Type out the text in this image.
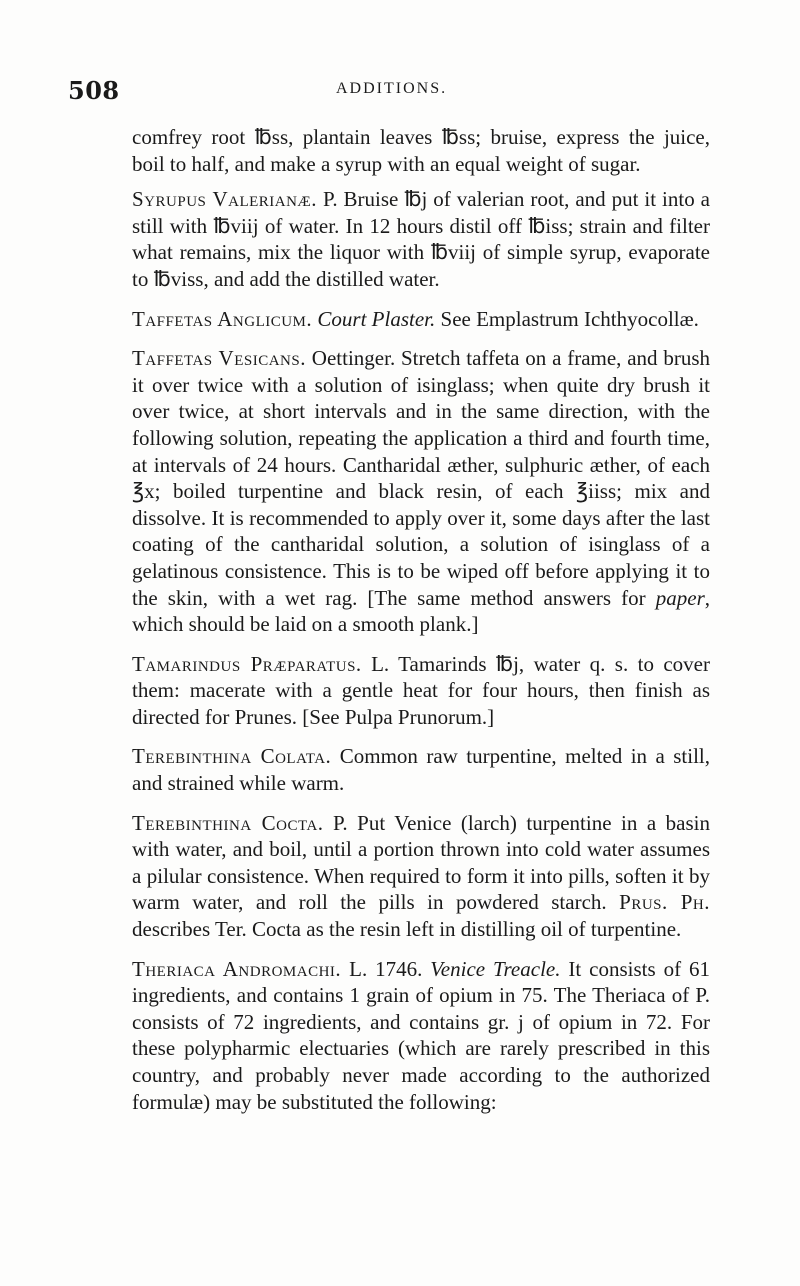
508	ADDITIONS.

comfrey root ℔ss, plantain leaves ℔ss; bruise, express the juice, boil to half, and make a syrup with an equal weight of sugar.

Syrupus Valerianæ. P. Bruise ℔j of valerian root, and put it into a still with ℔viij of water. In 12 hours distil off ℔iss; strain and filter what remains, mix the liquor with ℔viij of simple syrup, evaporate to ℔viss, and add the distilled water.

Taffetas Anglicum. Court Plaster. See Emplastrum Ichthyocollæ.

Taffetas Vesicans. Oettinger. Stretch taffeta on a frame, and brush it over twice with a solution of isinglass; when quite dry brush it over twice, at short intervals and in the same direction, with the following solution, repeating the application a third and fourth time, at intervals of 24 hours. Cantharidal æther, sulphuric æther, of each ℥x; boiled turpentine and black resin, of each ℥iiss; mix and dissolve. It is recommended to apply over it, some days after the last coating of the cantharidal solution, a solution of isinglass of a gelatinous consistence. This is to be wiped off before applying it to the skin, with a wet rag. [The same method answers for paper, which should be laid on a smooth plank.]

Tamarindus Præparatus. L. Tamarinds ℔j, water q. s. to cover them: macerate with a gentle heat for four hours, then finish as directed for Prunes. [See Pulpa Prunorum.]

Terebinthina Colata. Common raw turpentine, melted in a still, and strained while warm.

Terebinthina Cocta. P. Put Venice (larch) turpentine in a basin with water, and boil, until a portion thrown into cold water assumes a pilular consistence. When required to form it into pills, soften it by warm water, and roll the pills in powdered starch. Prus. Ph. describes Ter. Cocta as the resin left in distilling oil of turpentine.

Theriaca Andromachi. L. 1746. Venice Treacle. It consists of 61 ingredients, and contains 1 grain of opium in 75. The Theriaca of P. consists of 72 ingredients, and contains gr. j of opium in 72. For these polypharmic electuaries (which are rarely prescribed in this country, and probably never made according to the authorized formulæ) may be substituted the following:
